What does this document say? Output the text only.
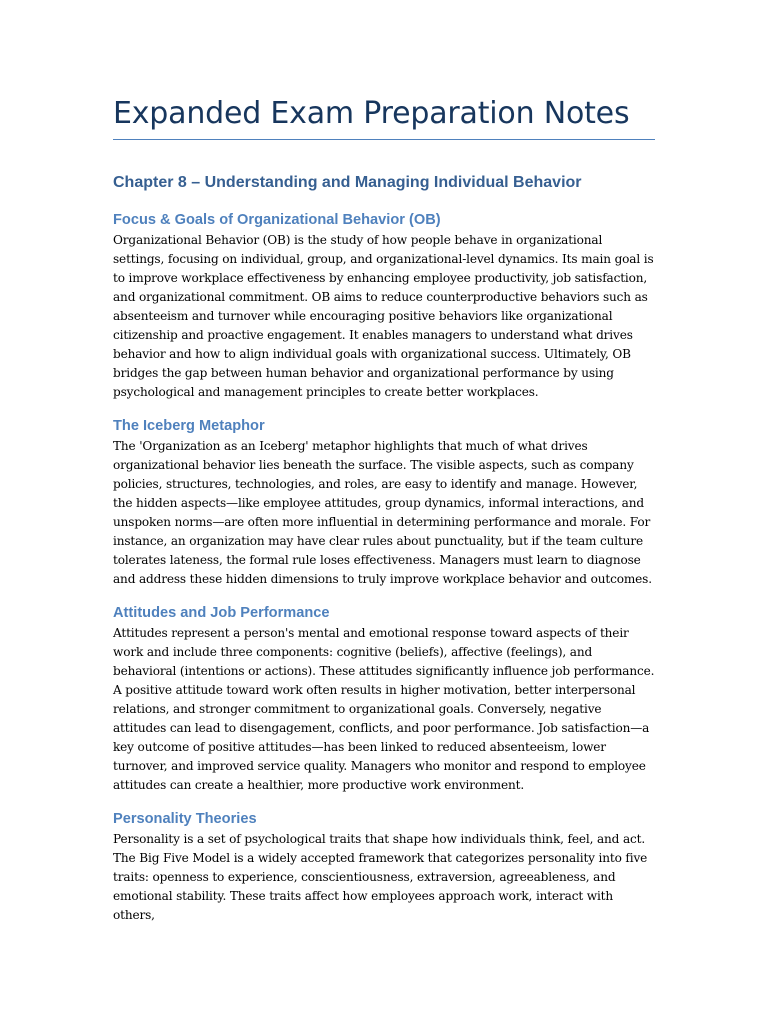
Expanded Exam Preparation Notes
Chapter 8 – Understanding and Managing Individual Behavior
Focus & Goals of Organizational Behavior (OB)

Organizational Behavior (OB) is the study of how people behave in organizational settings, focusing on individual, group, and organizational-level dynamics. Its main goal is to improve workplace effectiveness by enhancing employee productivity, job satisfaction, and organizational commitment. OB aims to reduce counterproductive behaviors such as absenteeism and turnover while encouraging positive behaviors like organizational citizenship and proactive engagement. It enables managers to understand what drives behavior and how to align individual goals with organizational success. Ultimately, OB bridges the gap between human behavior and organizational performance by using psychological and management principles to create better workplaces.

The Iceberg Metaphor

The 'Organization as an Iceberg' metaphor highlights that much of what drives organizational behavior lies beneath the surface. The visible aspects, such as company policies, structures, technologies, and roles, are easy to identify and manage. However, the hidden aspects—like employee attitudes, group dynamics, informal interactions, and unspoken norms—are often more influential in determining performance and morale. For instance, an organization may have clear rules about punctuality, but if the team culture tolerates lateness, the formal rule loses effectiveness. Managers must learn to diagnose and address these hidden dimensions to truly improve workplace behavior and outcomes.

Attitudes and Job Performance

Attitudes represent a person's mental and emotional response toward aspects of their work and include three components: cognitive (beliefs), affective (feelings), and behavioral (intentions or actions). These attitudes significantly influence job performance. A positive attitude toward work often results in higher motivation, better interpersonal relations, and stronger commitment to organizational goals. Conversely, negative attitudes can lead to disengagement, conflicts, and poor performance. Job satisfaction—a key outcome of positive attitudes—has been linked to reduced absenteeism, lower turnover, and improved service quality. Managers who monitor and respond to employee attitudes can create a healthier, more productive work environment.

Personality Theories

Personality is a set of psychological traits that shape how individuals think, feel, and act. The Big Five Model is a widely accepted framework that categorizes personality into five traits: openness to experience, conscientiousness, extraversion, agreeableness, and emotional stability. These traits affect how employees approach work, interact with others,
